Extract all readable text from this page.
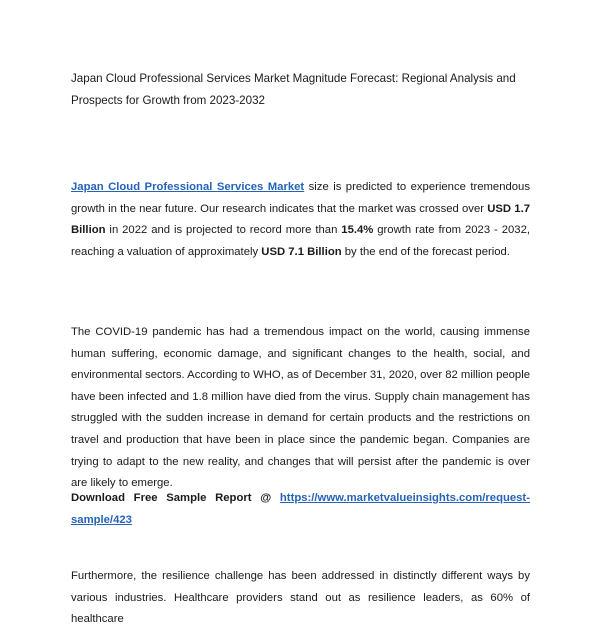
Japan Cloud Professional Services Market Magnitude Forecast: Regional Analysis and Prospects for Growth from 2023-2032

Japan Cloud Professional Services Market size is predicted to experience tremendous growth in the near future. Our research indicates that the market was crossed over USD 1.7 Billion in 2022 and is projected to record more than 15.4% growth rate from 2023 - 2032, reaching a valuation of approximately USD 7.1 Billion by the end of the forecast period.

The COVID-19 pandemic has had a tremendous impact on the world, causing immense human suffering, economic damage, and significant changes to the health, social, and environmental sectors. According to WHO, as of December 31, 2020, over 82 million people have been infected and 1.8 million have died from the virus. Supply chain management has struggled with the sudden increase in demand for certain products and the restrictions on travel and production that have been in place since the pandemic began. Companies are trying to adapt to the new reality, and changes that will persist after the pandemic is over are likely to emerge.

Download Free Sample Report @ https://www.marketvalueinsights.com/request-
sample/423

Furthermore, the resilience challenge has been addressed in distinctly different ways by various industries. Healthcare providers stand out as resilience leaders, as 60% of healthcare
